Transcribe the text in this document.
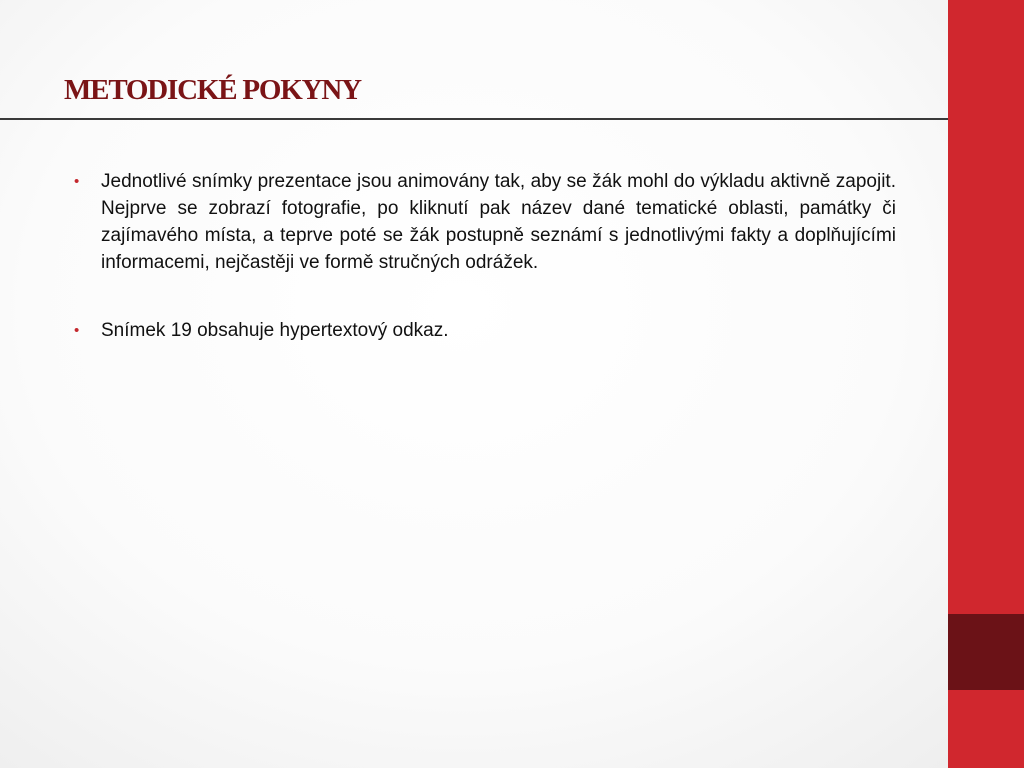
METODICKÉ POKYNY
• Jednotlivé snímky prezentace jsou animovány tak, aby se žák mohl do výkladu aktivně zapojit. Nejprve se zobrazí fotografie, po kliknutí pak název dané tematické oblasti, památky či zajímavého místa, a teprve poté se žák postupně seznámí s jednotlivými fakty a doplňujícími informacemi, nejčastěji ve formě stručných odrážek.
• Snímek 19 obsahuje hypertextový odkaz.
